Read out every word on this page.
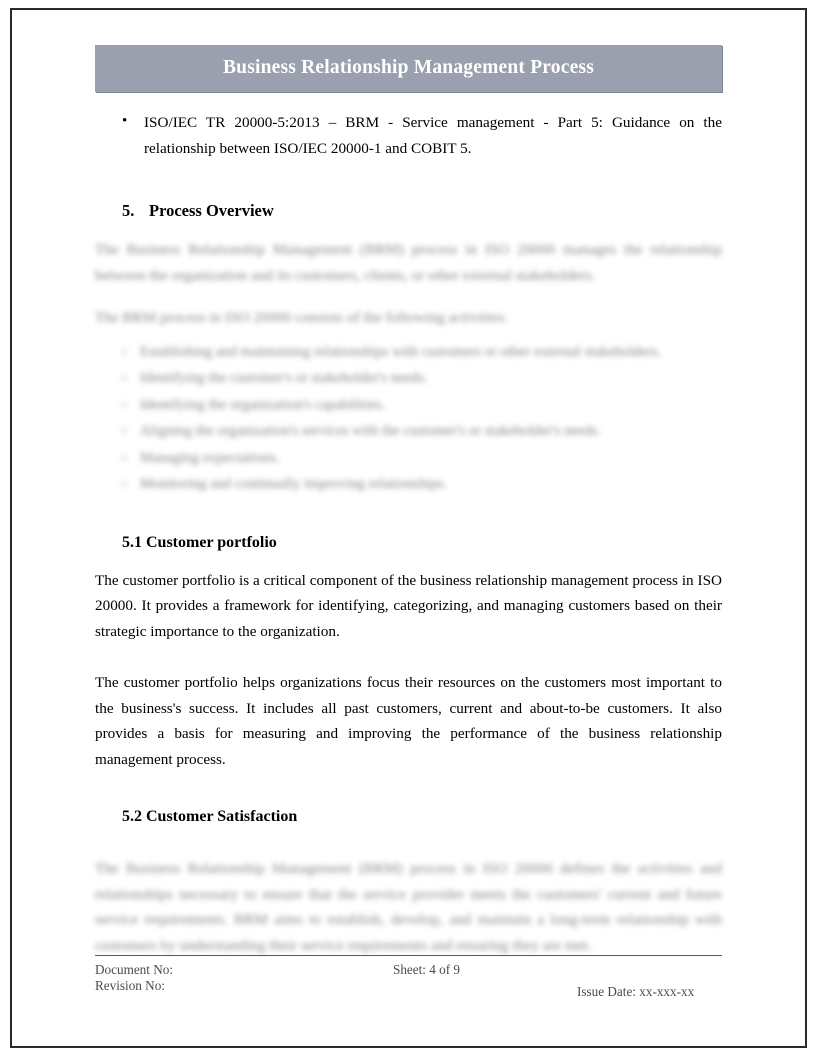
Business Relationship Management Process
• ISO/IEC TR 20000-5:2013 – BRM - Service management - Part 5: Guidance on the relationship between ISO/IEC 20000-1 and COBIT 5.
5. Process Overview

The Business Relationship Management (BRM) process in ISO 20000 manages the relationship between the organization and its customers, clients, or other external stakeholders.

The BRM process in ISO 20000 consists of the following activities:

○ Establishing and maintaining relationships with customers or other external stakeholders.
○ Identifying the customer's or stakeholder's needs.
○ Identifying the organization's capabilities.
○ Aligning the organization's services with the customer's or stakeholder's needs.
○ Managing expectations.
○ Monitoring and continually improving relationships.
5.1 Customer portfolio

The customer portfolio is a critical component of the business relationship management process in ISO 20000. It provides a framework for identifying, categorizing, and managing customers based on their strategic importance to the organization.

The customer portfolio helps organizations focus their resources on the customers most important to the business's success. It includes all past customers, current and about-to-be customers. It also provides a basis for measuring and improving the performance of the business relationship management process.

5.2 Customer Satisfaction

The Business Relationship Management (BRM) process in ISO 20000 defines the activities and relationships necessary to ensure that the service provider meets the customers' current and future service requirements. BRM aims to establish, develop, and maintain a long-term relationship with customers by understanding their service requirements and ensuring they are met.

Document No:	Sheet: 4 of 9
Revision No:	Issue Date: xx-xxx-xx
